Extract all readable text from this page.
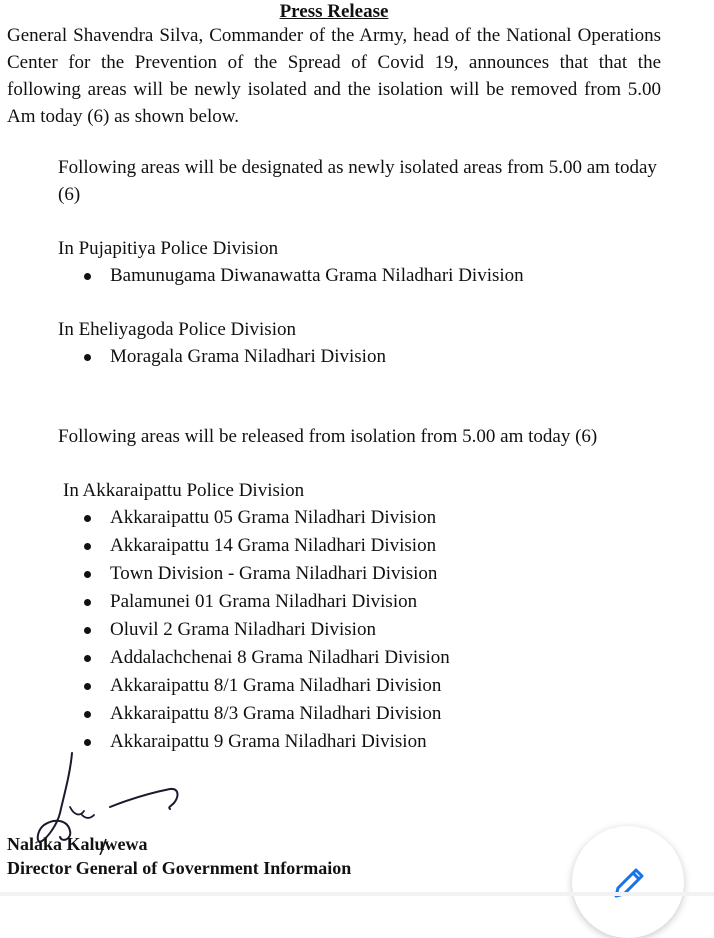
Press Release
General Shavendra Silva, Commander of the Army, head of the National Operations Center for the Prevention of the Spread of Covid 19, announces that that the following areas will be newly isolated and the isolation will be removed from 5.00 Am today (6) as shown below.
Following areas will be designated as newly isolated areas from 5.00 am today (6)
In Pujapitiya Police Division
Bamunugama Diwanawatta Grama Niladhari Division
In Eheliyagoda Police Division
Moragala Grama Niladhari Division
Following areas will be released from isolation from 5.00 am today (6)
In Akkaraipattu Police Division
Akkaraipattu 05 Grama Niladhari Division
Akkaraipattu 14 Grama Niladhari Division
Town Division - Grama Niladhari Division
Palamunei 01 Grama Niladhari Division
Oluvil 2 Grama Niladhari Division
Addalachchenai 8 Grama Niladhari Division
Akkaraipattu 8/1 Grama Niladhari Division
Akkaraipattu 8/3 Grama Niladhari Division
Akkaraipattu 9 Grama Niladhari Division
Nalaka Kaluwewa
Director General of Government Informaion
